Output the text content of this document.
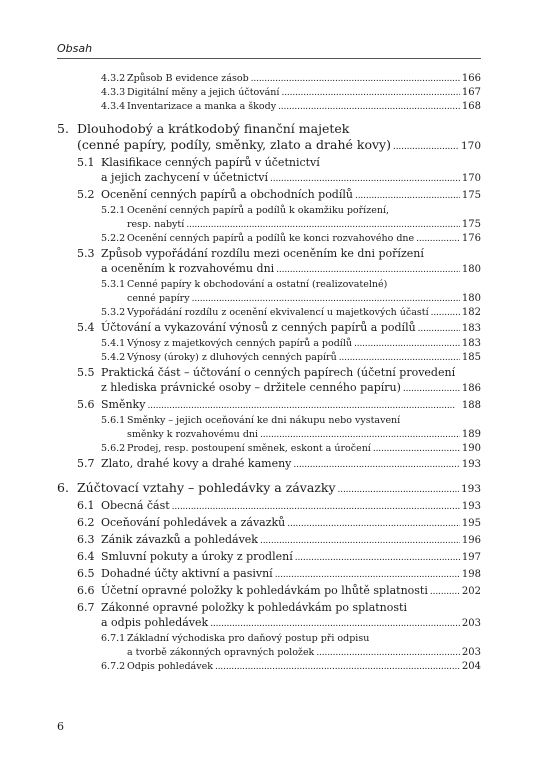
Obsah
4.3.2 Způsob B evidence zásob . . .	166
4.3.3 Digitální měny a jejich účtování . . .	167
4.3.4 Inventarizace a manka a škody . . .	168
5. Dlouhodobý a krátkodobý finanční majetek
(cenné papíry, podíly, směnky, zlato a drahé kovy) . . .	170
5.1 Klasifikace cenných papírů v účetnictví
a jejich zachycení v účetnictví . . .	170
5.2 Ocenění cenných papírů a obchodních podílů . . .	175
5.2.1 Ocenění cenných papírů a podílů k okamžiku pořízení,
resp. nabytí . . .	175
5.2.2 Ocenění cenných papírů a podílů ke konci rozvahového dne . . .	176
5.3 Způsob vypořádání rozdílu mezi oceněním ke dni pořízení
a oceněním k rozvahovému dni . . .	180
5.3.1 Cenné papíry k obchodování a ostatní (realizovatelné)
cenné papíry . . .	180
5.3.2 Vypořádání rozdílu z ocenění ekvivalencí u majetkových účastí . . .	182
5.4 Účtování a vykazování výnosů z cenných papírů a podílů . . .	183
5.4.1 Výnosy z majetkových cenných papírů a podílů . . .	183
5.4.2 Výnosy (úroky) z dluhových cenných papírů . . .	185
5.5 Praktická část – účtování o cenných papírech (účetní provedení
z hlediska právnické osoby – držitele cenného papíru) . . .	186
5.6 Směnky . . .	188
5.6.1 Směnky – jejich oceňování ke dni nákupu nebo vystavení
směnky k rozvahovému dni . . .	189
5.6.2 Prodej, resp. postoupení směnek, eskont a úročení . . .	190
5.7 Zlato, drahé kovy a drahé kameny . . .	193
6. Zúčtovací vztahy – pohledávky a závazky . . .	193
6.1 Obecná část . . .	193
6.2 Oceňování pohledávek a závazků . . .	195
6.3 Zánik závazků a pohledávek . . .	196
6.4 Smluvní pokuty a úroky z prodlení . . .	197
6.5 Dohadné účty aktivní a pasivní . . .	198
6.6 Účetní opravné položky k pohledávkám po lhůtě splatnosti . . .	202
6.7 Zákonné opravné položky k pohledávkám po splatnosti
a odpis pohledávek . . .	203
6.7.1 Základní východiska pro daňový postup při odpisu
a tvorbě zákonných opravných položek . . .	203
6.7.2 Odpis pohledávek . . .	204
6
